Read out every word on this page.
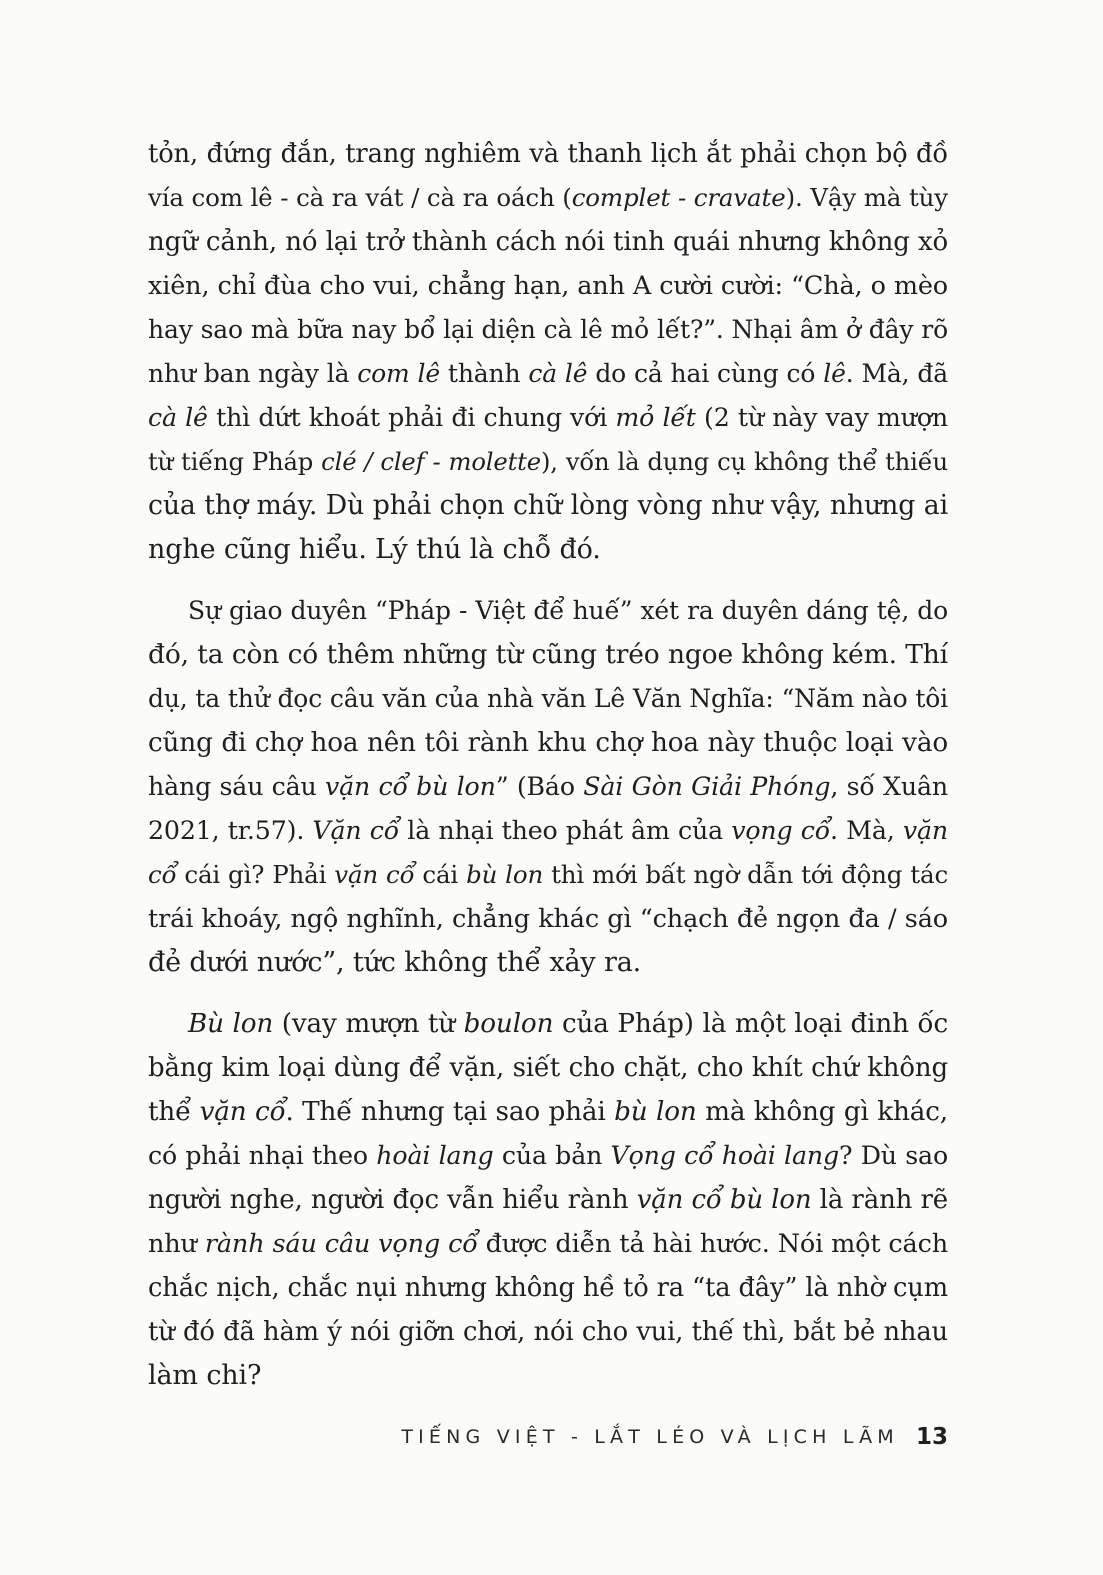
tỏn, đứng đắn, trang nghiêm và thanh lịch ắt phải chọn bộ đồ
vía com lê - cà ra vát / cà ra oách (complet - cravate). Vậy mà tùy
ngữ cảnh, nó lại trở thành cách nói tinh quái nhưng không xỏ
xiên, chỉ đùa cho vui, chẳng hạn, anh A cười cười: “Chà, o mèo
hay sao mà bữa nay bổ lại diện cà lê mỏ lết?”. Nhại âm ở đây rõ
như ban ngày là com lê thành cà lê do cả hai cùng có lê. Mà, đã
cà lê thì dứt khoát phải đi chung với mỏ lết (2 từ này vay mượn
từ tiếng Pháp clé / clef - molette), vốn là dụng cụ không thể thiếu
của thợ máy. Dù phải chọn chữ lòng vòng như vậy, nhưng ai
nghe cũng hiểu. Lý thú là chỗ đó.
Sự giao duyên “Pháp - Việt để huế” xét ra duyên dáng tệ, do
đó, ta còn có thêm những từ cũng tréo ngoe không kém. Thí
dụ, ta thử đọc câu văn của nhà văn Lê Văn Nghĩa: “Năm nào tôi
cũng đi chợ hoa nên tôi rành khu chợ hoa này thuộc loại vào
hàng sáu câu vặn cổ bù lon” (Báo Sài Gòn Giải Phóng, số Xuân
2021, tr.57). Vặn cổ là nhại theo phát âm của vọng cổ. Mà, vặn
cổ cái gì? Phải vặn cổ cái bù lon thì mới bất ngờ dẫn tới động tác
trái khoáy, ngộ nghĩnh, chẳng khác gì “chạch đẻ ngọn đa / sáo
đẻ dưới nước”, tức không thể xảy ra.
Bù lon (vay mượn từ boulon của Pháp) là một loại đinh ốc
bằng kim loại dùng để vặn, siết cho chặt, cho khít chứ không
thể vặn cổ. Thế nhưng tại sao phải bù lon mà không gì khác,
có phải nhại theo hoài lang của bản Vọng cổ hoài lang? Dù sao
người nghe, người đọc vẫn hiểu rành vặn cổ bù lon là rành rẽ
như rành sáu câu vọng cổ được diễn tả hài hước. Nói một cách
chắc nịch, chắc nụi nhưng không hề tỏ ra “ta đây” là nhờ cụm
từ đó đã hàm ý nói giỡn chơi, nói cho vui, thế thì, bắt bẻ nhau
làm chi?
TIẾNG VIỆT - LẮT LÉO VÀ LỊCH LÃM 13
